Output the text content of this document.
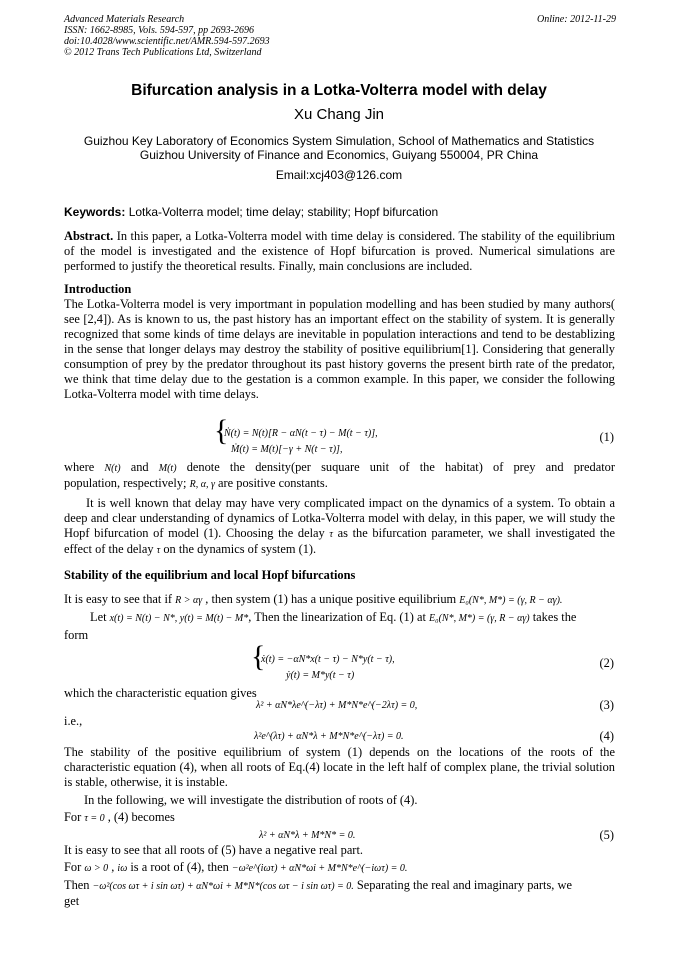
Advanced Materials Research
ISSN: 1662-8985, Vols. 594-597, pp 2693-2696
doi:10.4028/www.scientific.net/AMR.594-597.2693
© 2012 Trans Tech Publications Ltd, Switzerland
Online: 2012-11-29
Bifurcation analysis in a Lotka-Volterra model with delay
Xu Chang Jin
Guizhou Key Laboratory of Economics System Simulation, School of Mathematics and Statistics
Guizhou University of Finance and Economics, Guiyang 550004, PR China
Email:xcj403@126.com
Keywords: Lotka-Volterra model; time delay; stability; Hopf bifurcation
Abstract. In this paper, a Lotka-Volterra model with time delay is considered. The stability of the equilibrium of the model is investigated and the existence of Hopf bifurcation is proved. Numerical simulations are performed to justify the theoretical results. Finally, main conclusions are included.
Introduction
The Lotka-Volterra model is very importmant in population modelling and has been studied by many authors( see [2,4]). As is known to us, the past history has an important effect on the stability of system. It is generally recognized that some kinds of time delays are inevitable in population interactions and tend to be destablizing in the sense that longer delays may destroy the stability of positive equilibrium[1]. Considering that generally consumption of prey by the predator throughout its past history governs the present birth rate of the predator, we think that time delay due to the gestation is a common example. In this paper, we consider the following Lotka-Volterra model with time delays.
{
Ṅ(t) = N(t)[R − αN(t − τ) − M(t − τ)],
Ṁ(t) = M(t)[−γ + N(t − τ)],
(1)
where N(t) and M(t) denote the density(per suquare unit of the habitat) of prey and predator
population, respectively; R, α, γ are positive constants.
It is well known that delay may have very complicated impact on the dynamics of a system. To obtain a deep and clear understanding of dynamics of Lotka-Volterra model with delay, in this paper, we will study the Hopf bifurcation of model (1). Choosing the delay τ as the bifurcation parameter, we shall investigated the effect of the delay τ on the dynamics of system (1).
Stability of the equilibrium and local Hopf bifurcations
It is easy to see that if R > αγ , then system (1) has a unique positive equilibrium E₀(N*, M*) = (γ, R − αγ).
Let x(t) = N(t) − N*, y(t) = M(t) − M*, Then the linearization of Eq. (1) at E₀(N*, M*) = (γ, R − αγ) takes the
form
{
ẋ(t) = −αN*x(t − τ) − N*y(t − τ),
ẏ(t) = M*y(t − τ)
(2)
which the characteristic equation gives
λ² + αN*λe^(−λτ) + M*N*e^(−2λτ) = 0,	(3)
i.e.,
λ²e^(λτ) + αN*λ + M*N*e^(−λτ) = 0.	(4)
The stability of the positive equilibrium of system (1) depends on the locations of the roots of the characteristic equation (4), when all roots of Eq.(4) locate in the left half of complex plane, the trivial solution is stable, otherwise, it is instable.
In the following, we will investigate the distribution of roots of (4).
For τ = 0 , (4) becomes
λ² + αN*λ + M*N* = 0.	(5)
It is easy to see that all roots of (5) have a negative real part.
For ω > 0 , iω is a root of (4), then −ω²e^(iωτ) + αN*ωi + M*N*e^(−iωτ) = 0.
Then −ω²(cos ωτ + i sin ωτ) + αN*ωi + M*N*(cos ωτ − i sin ωτ) = 0. Separating the real and imaginary parts, we
get
